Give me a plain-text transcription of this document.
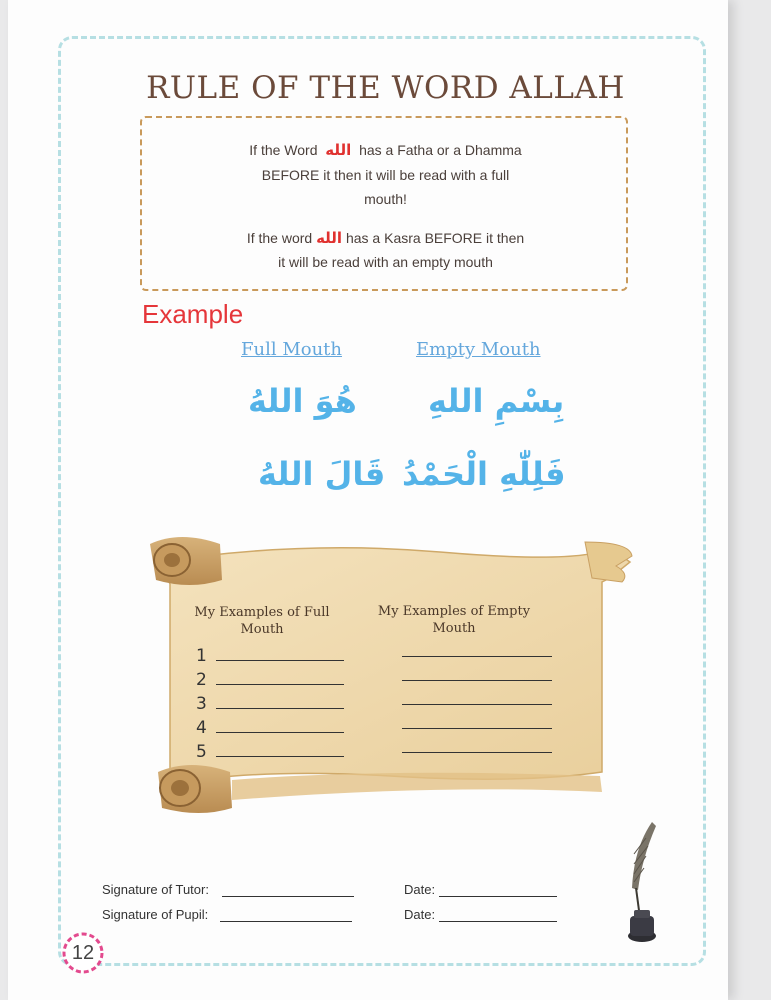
RULE OF THE WORD ALLAH
If the Word الله has a Fatha or a Dhamma
BEFORE it then it will be read with a full
mouth!
If the word الله has a Kasra BEFORE it then
it will be read with an empty mouth
Example
Full Mouth	Empty Mouth
هُوَ اللهُ
قَالَ اللهُ
بِسْمِ اللهِ
فَلِلّٰهِ الْحَمْدُ
My Examples of Full Mouth
My Examples of Empty Mouth
1
2
3
4
5
Signature of Tutor:
Signature of Pupil:
Date:
Date:
12
